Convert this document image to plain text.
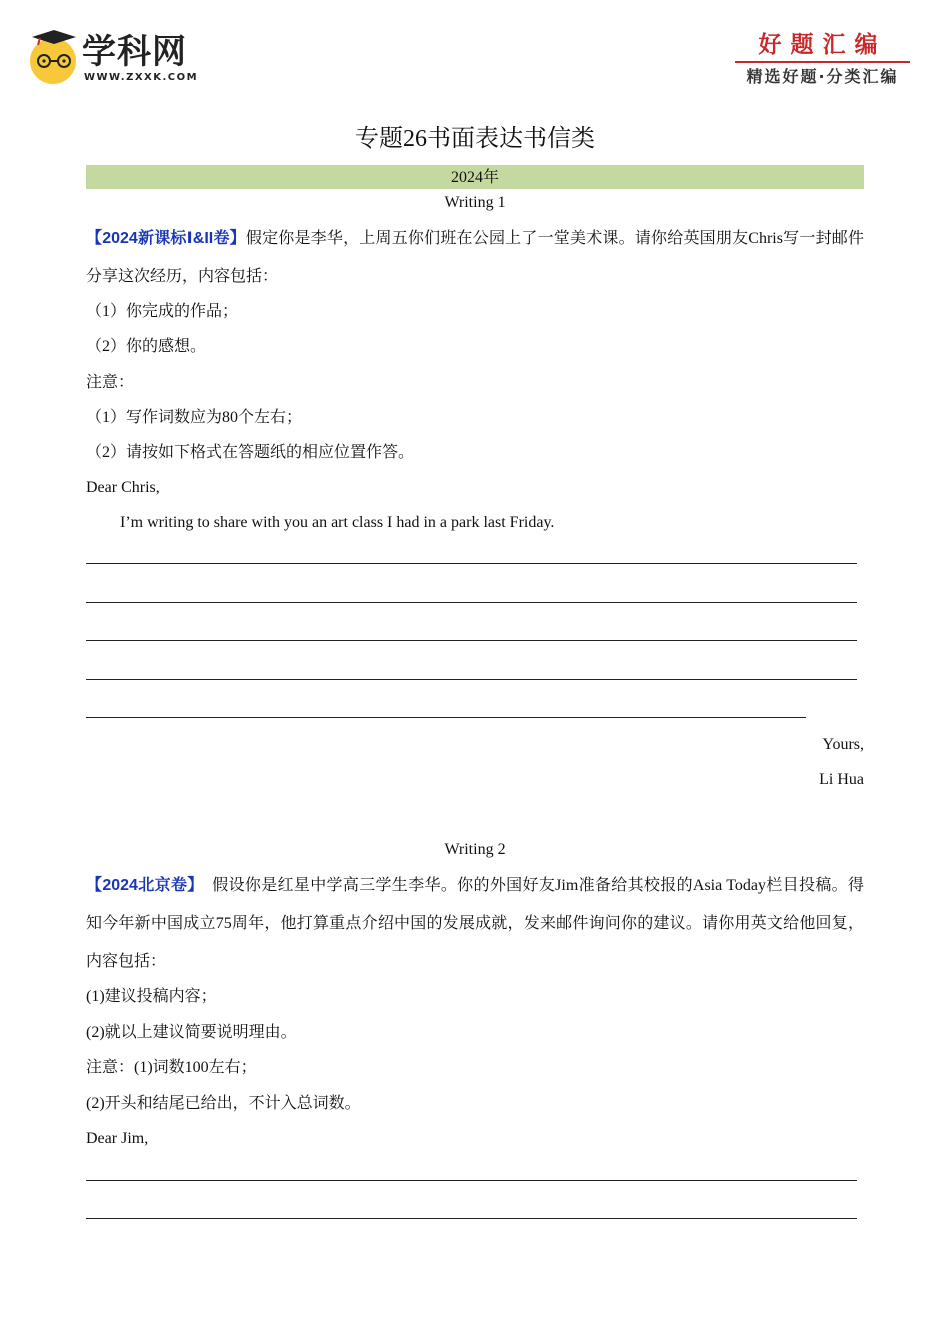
学科网
WWW.ZXXK.COM
好题汇编
精选好题·分类汇编
专题26书面表达书信类
2024年
Writing 1
【2024新课标Ⅰ&II卷】假定你是李华，上周五你们班在公园上了一堂美术课。请你给英国朋友Chris写一封邮件分享这次经历，内容包括：
（1）你完成的作品；
（2）你的感想。
注意：
（1）写作词数应为80个左右；
（2）请按如下格式在答题纸的相应位置作答。
Dear Chris,
I’m writing to share with you an art class I had in a park last Friday.
Yours,
Li Hua
Writing 2
【2024北京卷】 假设你是红星中学高三学生李华。你的外国好友Jim准备给其校报的Asia Today栏目投稿。得知今年新中国成立75周年，他打算重点介绍中国的发展成就，发来邮件询问你的建议。请你用英文给他回复，内容包括：
(1)建议投稿内容；
(2)就以上建议简要说明理由。
注意：(1)词数100左右；
(2)开头和结尾已给出，不计入总词数。
Dear Jim,
